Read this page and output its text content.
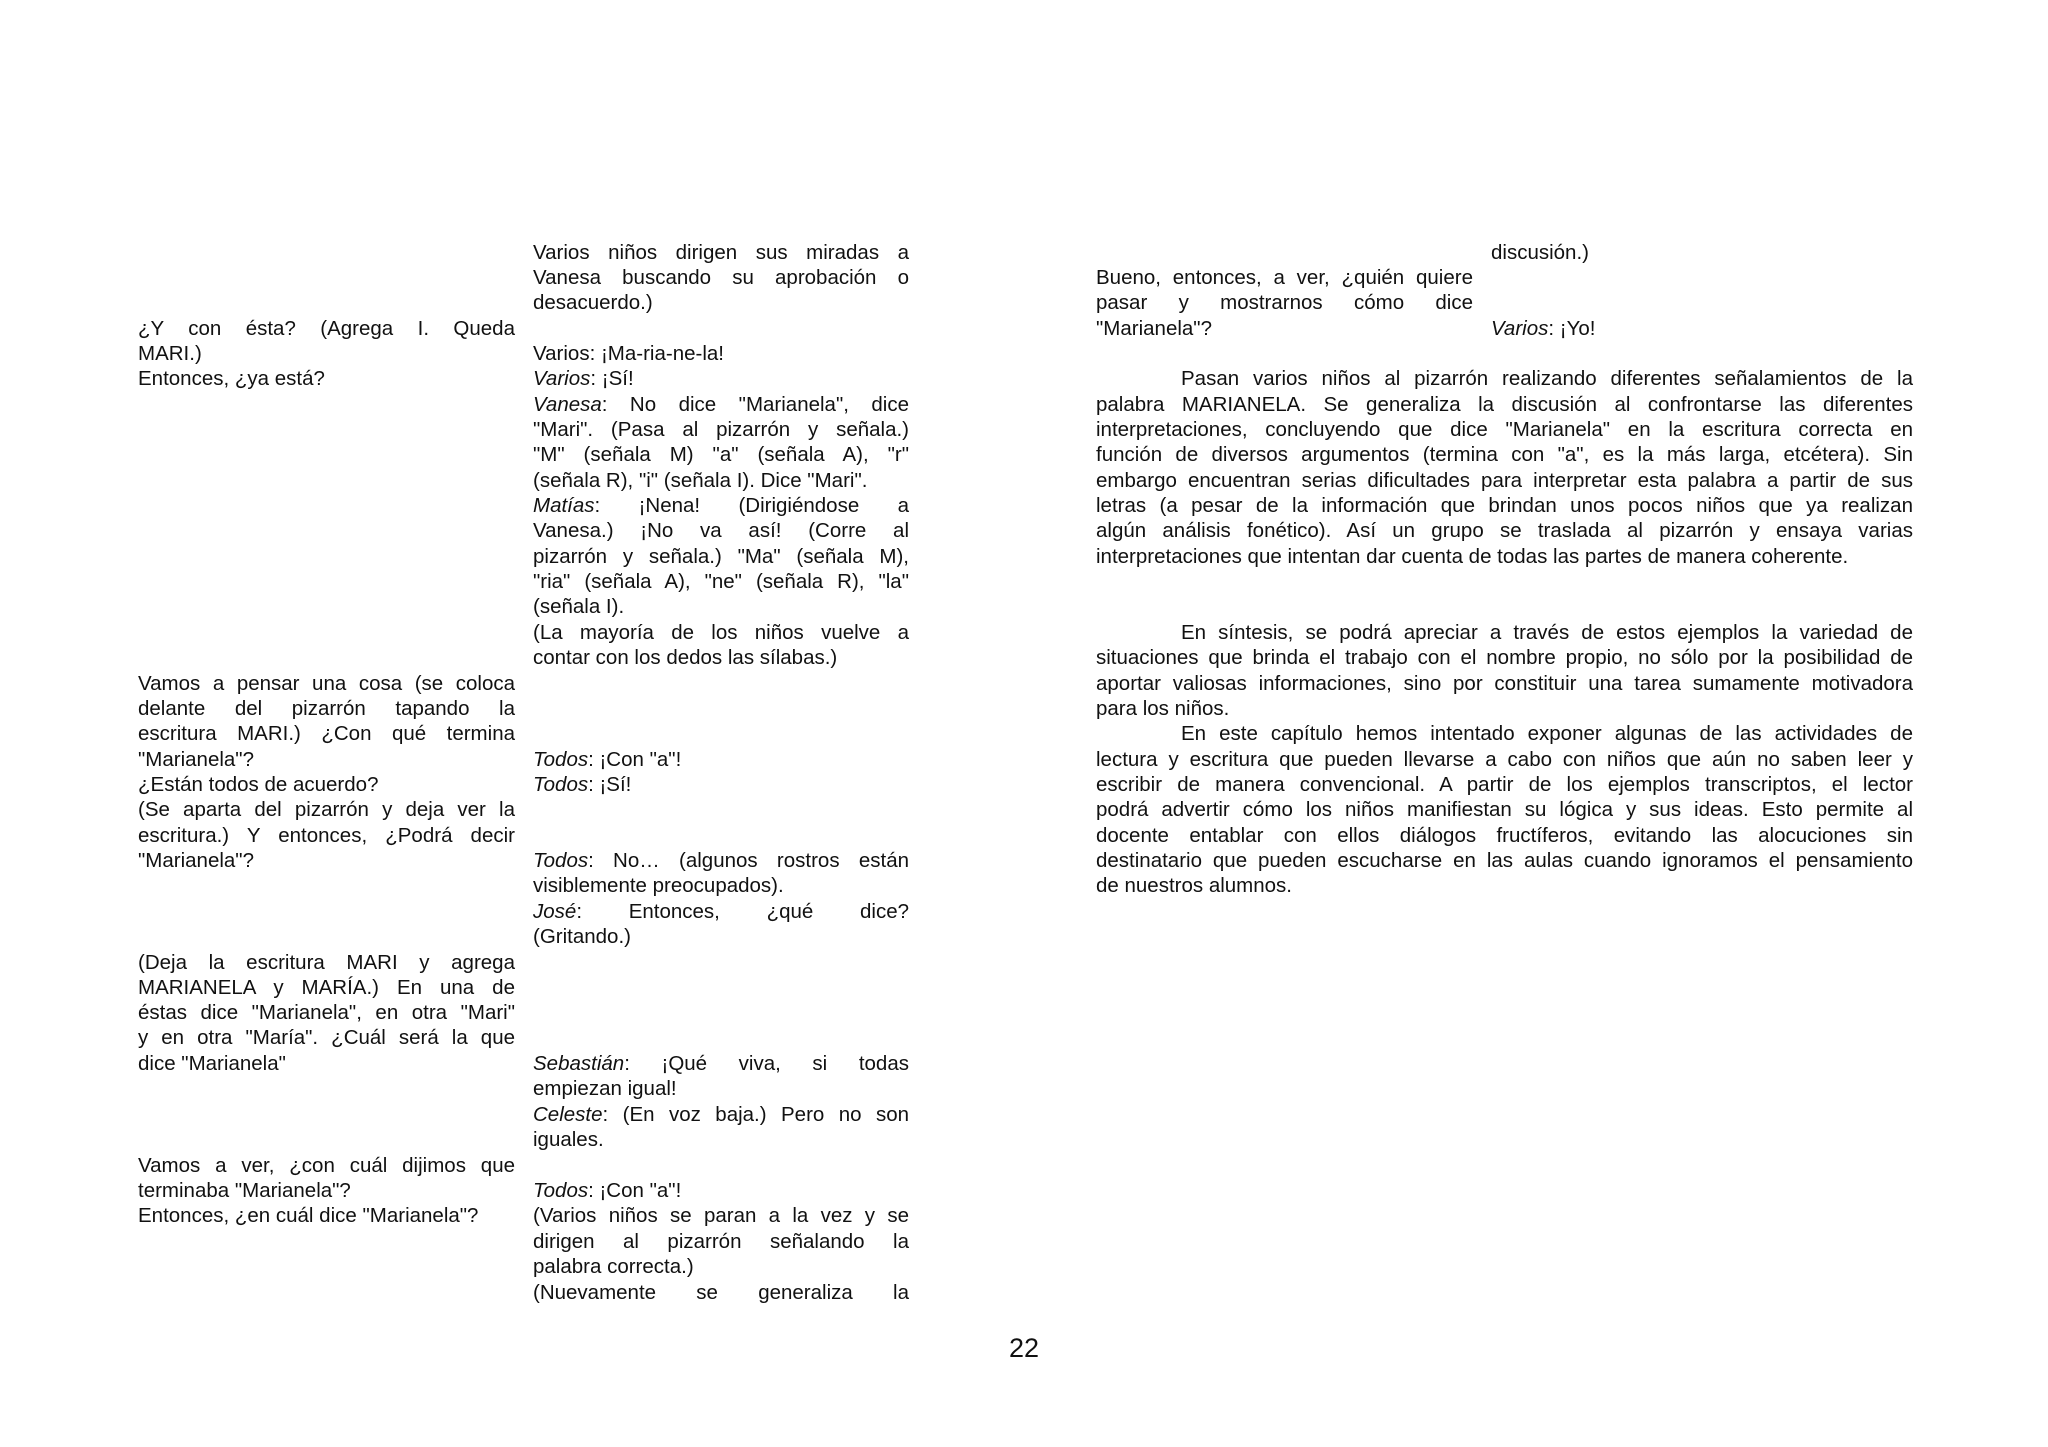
¿Y con ésta? (Agrega I. Queda
MARI.)
Entonces, ¿ya está?
Vamos a pensar una cosa (se coloca
delante del pizarrón tapando la
escritura MARI.) ¿Con qué termina
"Marianela"?
¿Están todos de acuerdo?
(Se aparta del pizarrón y deja ver la
escritura.) Y entonces, ¿Podrá decir
"Marianela"?
(Deja la escritura MARI y agrega
MARIANELA y MARÍA.) En una de
éstas dice "Marianela", en otra "Mari"
y en otra "María". ¿Cuál será la que
dice "Marianela"
Vamos a ver, ¿con cuál dijimos que
terminaba "Marianela"?
Entonces, ¿en cuál dice "Marianela"?
Varios niños dirigen sus miradas a
Vanesa buscando su aprobación o
desacuerdo.)
Varios: ¡Ma-ria-ne-la!
Varios: ¡Sí!
Vanesa: No dice "Marianela", dice
"Mari". (Pasa al pizarrón y señala.)
"M" (señala M) "a" (señala A), "r"
(señala R), "i" (señala I). Dice "Mari".
Matías: ¡Nena! (Dirigiéndose a
Vanesa.) ¡No va así! (Corre al
pizarrón y señala.) "Ma" (señala M),
"ria" (señala A), "ne" (señala R), "la"
(señala I).
(La mayoría de los niños vuelve a
contar con los dedos las sílabas.)
Todos: ¡Con "a"!
Todos: ¡Sí!
Todos: No… (algunos rostros están
visiblemente preocupados).
José: Entonces, ¿qué dice?
(Gritando.)
Sebastián: ¡Qué viva, si todas
empiezan igual!
Celeste: (En voz baja.) Pero no son
iguales.
Todos: ¡Con "a"!
(Varios niños se paran a la vez y se
dirigen al pizarrón señalando la
palabra correcta.)
(Nuevamente se generaliza la
discusión.)
Bueno, entonces, a ver, ¿quién quiere
pasar y mostrarnos cómo dice
"Marianela"?	Varios: ¡Yo!
Pasan varios niños al pizarrón realizando diferentes señalamientos de la
palabra MARIANELA. Se generaliza la discusión al confrontarse las diferentes
interpretaciones, concluyendo que dice "Marianela" en la escritura correcta en
función de diversos argumentos (termina con "a", es la más larga, etcétera). Sin
embargo encuentran serias dificultades para interpretar esta palabra a partir de sus
letras (a pesar de la información que brindan unos pocos niños que ya realizan
algún análisis fonético). Así un grupo se traslada al pizarrón y ensaya varias
interpretaciones que intentan dar cuenta de todas las partes de manera coherente.
En síntesis, se podrá apreciar a través de estos ejemplos la variedad de
situaciones que brinda el trabajo con el nombre propio, no sólo por la posibilidad de
aportar valiosas informaciones, sino por constituir una tarea sumamente motivadora
para los niños.
En este capítulo hemos intentado exponer algunas de las actividades de
lectura y escritura que pueden llevarse a cabo con niños que aún no saben leer y
escribir de manera convencional. A partir de los ejemplos transcriptos, el lector
podrá advertir cómo los niños manifiestan su lógica y sus ideas. Esto permite al
docente entablar con ellos diálogos fructíferos, evitando las alocuciones sin
destinatario que pueden escucharse en las aulas cuando ignoramos el pensamiento
de nuestros alumnos.
22
